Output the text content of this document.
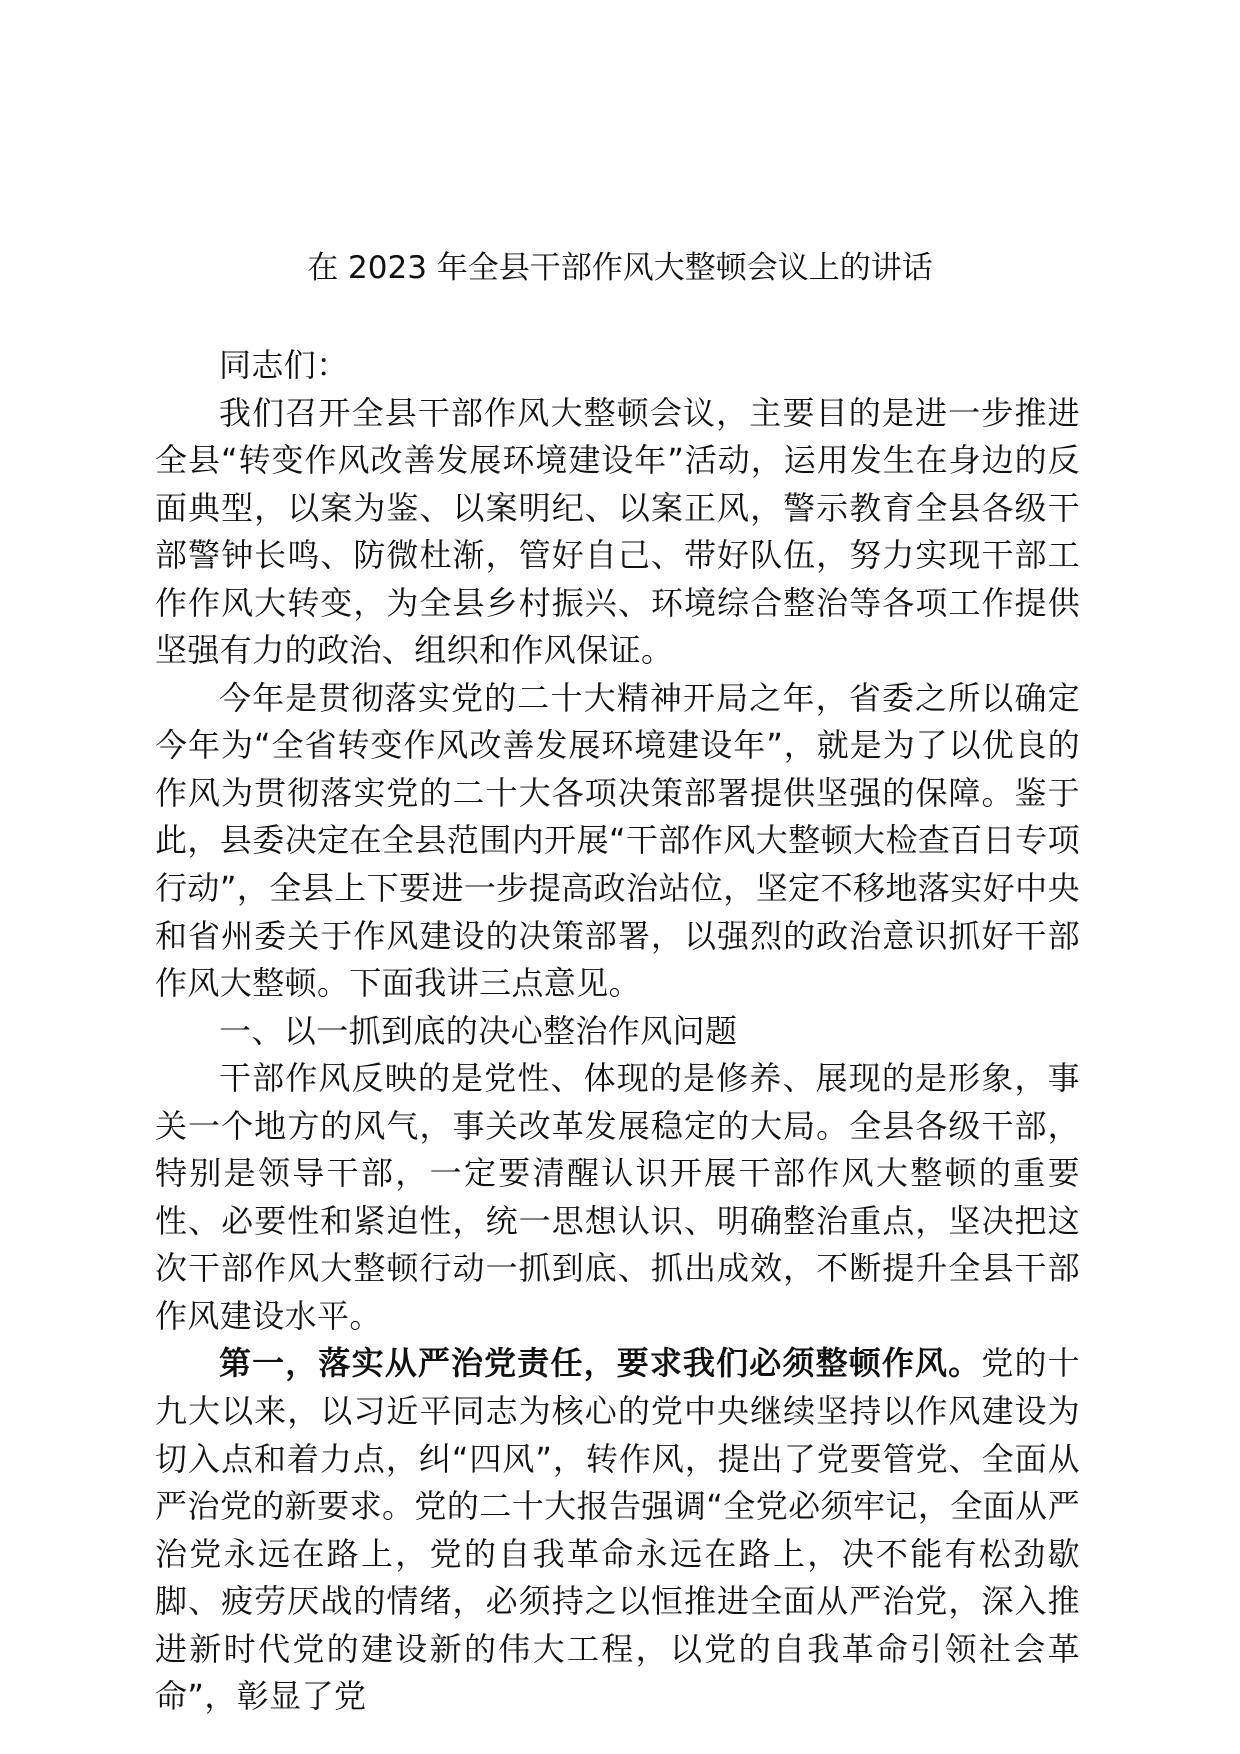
在 2023 年全县干部作风大整顿会议上的讲话

同志们：

我们召开全县干部作风大整顿会议，主要目的是进一步推进全县“转变作风改善发展环境建设年”活动，运用发生在身边的反面典型，以案为鉴、以案明纪、以案正风，警示教育全县各级干部警钟长鸣、防微杜渐，管好自己、带好队伍，努力实现干部工作作风大转变，为全县乡村振兴、环境综合整治等各项工作提供坚强有力的政治、组织和作风保证。

今年是贯彻落实党的二十大精神开局之年，省委之所以确定今年为“全省转变作风改善发展环境建设年”，就是为了以优良的作风为贯彻落实党的二十大各项决策部署提供坚强的保障。鉴于此，县委决定在全县范围内开展“干部作风大整顿大检查百日专项行动”，全县上下要进一步提高政治站位，坚定不移地落实好中央和省州委关于作风建设的决策部署，以强烈的政治意识抓好干部作风大整顿。下面我讲三点意见。

一、以一抓到底的决心整治作风问题

干部作风反映的是党性、体现的是修养、展现的是形象，事关一个地方的风气，事关改革发展稳定的大局。全县各级干部，特别是领导干部，一定要清醒认识开展干部作风大整顿的重要性、必要性和紧迫性，统一思想认识、明确整治重点，坚决把这次干部作风大整顿行动一抓到底、抓出成效，不断提升全县干部作风建设水平。

第一，落实从严治党责任，要求我们必须整顿作风。党的十九大以来，以习近平同志为核心的党中央继续坚持以作风建设为切入点和着力点，纠“四风”，转作风，提出了党要管党、全面从严治党的新要求。党的二十大报告强调“全党必须牢记，全面从严治党永远在路上，党的自我革命永远在路上，决不能有松劲歇脚、疲劳厌战的情绪，必须持之以恒推进全面从严治党，深入推进新时代党的建设新的伟大工程，以党的自我革命引领社会革命”，彰显了党
